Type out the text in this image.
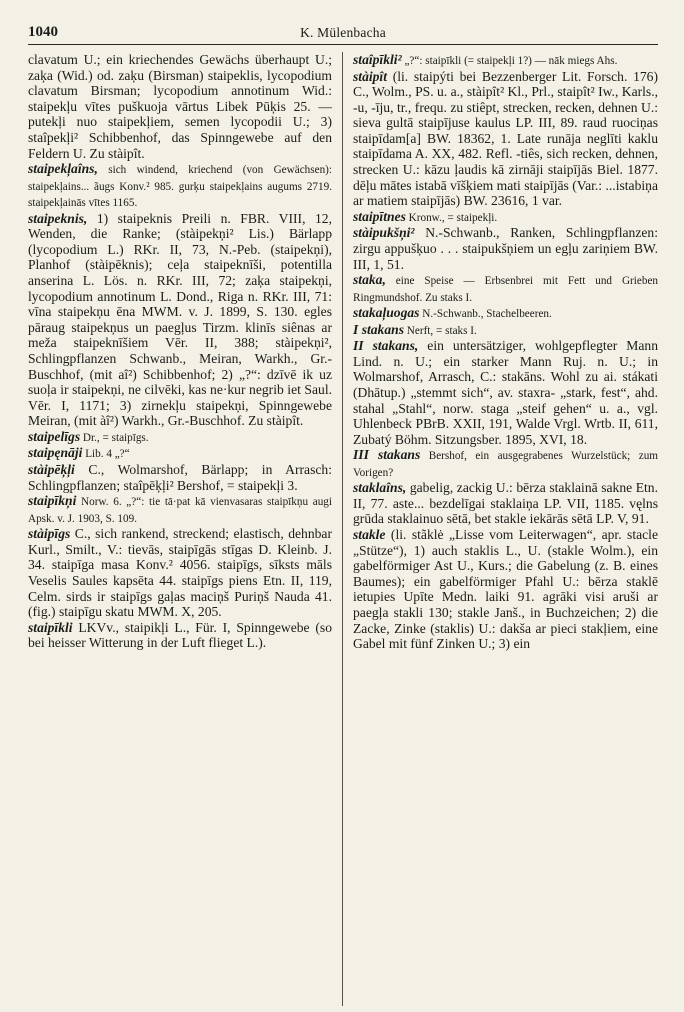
1040	K. Mülenbacha

clavatum U.; ein kriechendes Gewächs überhaupt U.; zaķa (Wid.) od. zaķu (Birsman) staipeklis, lycopodium clavatum Birsman; lycopodium annotinum Wid.: staipekļu vītes puškuoja vārtus Libek Pūķis 25. — putekļi nuo staipekļiem, semen lycopodii U.; 3) staîpekļi² Schibbenhof, das Spinngewebe auf den Feldern U. Zu stàipît.

staipekļaîns, sich windend, kriechend (von Gewächsen): staipekļains... ãugs Konv.² 985. gurķu staipekļains augums 2719. staipekļainās vītes 1165.

staipeknis, 1) staipeknis Preili n. FBR. VIII, 12, Wenden, die Ranke; (stàipekņi² Lis.) Bärlapp (lycopodium L.) RKr. II, 73, N.-Peb. (staipekņi), Planhof (stàipēknis); ceļa staipeknīši, potentilla anserina L. Lös. n. RKr. III, 72; zaķa staipekņi, lycopodium annotinum L. Dond., Riga n. RKr. III, 71: vīna staipekņu ēna MWM. v. J. 1899, S. 130. egles pāraug staipekņus un paegļus Tirzm. klinīs siênas ar meža staipeknīšiem Vēr. II, 388; stàipekņi², Schlingpflanzen Schwanb., Meiran, Warkh., Gr.-Buschhof, (mit aî²) Schibbenhof; 2) „?“: dzīvē ik uz suoļa ir staipekņi, ne cilvēki, kas ne·kur negrib iet Saul. Vēr. I, 1171; 3) zirnekļu staipekņi, Spinngewebe Meiran, (mit àî²) Warkh., Gr.-Buschhof. Zu stàipît.

staipelīgs Dr., = staipīgs.

staipęnāji Lib. 4 „?“

stàipēķļi C., Wolmarshof, Bärlapp; in Arrasch: Schlingpflanzen; staîpēķļi² Bershof, = staipekļi 3.

staipīkņi Norw. 6. „?“: tie tā·pat kā vienvasaras staipīkņu augi Apsk. v. J. 1903, S. 109.

stàipīgs C., sich rankend, streckend; elastisch, dehnbar Kurl., Smilt., V.: tievās, staipīgās stīgas D. Kleinb. J. 34. staipīga masa Konv.² 4056. staipīgs, sīksts māls Veselis Saules kapsēta 44. staipīgs piens Etn. II, 119, Celm. sirds ir staipīgs gaļas maciņš Puriņš Nauda 41. (fig.) staipīgu skatu MWM. X, 205.

staipīkli LKVv., staipikļi L., Für. I, Spinngewebe (so bei heisser Witterung in der Luft flieget L.).

staîpīkli² „?“: staipīkli (= staipekļi 1?) — nāk miegs Ahs.

stàipît (li. staipýti bei Bezzenberger Lit. Forsch. 176) C., Wolm., PS. u. a., stàipît² Kl., Prl., staipît² Iw., Karls., -u, -īju, tr., frequ. zu stiêpt, strecken, recken, dehnen U.: sieva gultā staipījuse kaulus LP. III, 89. raud ruociņas staipīdam[a] BW. 18362, 1. Late runāja neglīti kaklu staipīdama A. XX, 482. Refl. -tiês, sich recken, dehnen, strecken U.: kāzu ļaudis kā zirnāji staipījās Biel. 1877. dēļu mātes istabā vīšķiem mati staipījās (Var.: ...istabiņa ar matiem staipījās) BW. 23616, 1 var.

staipītnes Kronw., = staipekļi.

stàipukšņi² N.-Schwanb., Ranken, Schlingpflanzen: zirgu appušķuo . . . staipukšņiem un egļu zariņiem BW. III, 1, 51.

staka, eine Speise — Erbsenbrei mit Fett und Grieben Ringmundshof. Zu staks I.

stakaļuogas N.-Schwanb., Stachelbeeren.

I stakans Nerft, = staks I.

II stakans, ein untersätziger, wohlgepflegter Mann Lind. n. U.; ein starker Mann Ruj. n. U.; in Wolmarshof, Arrasch, C.: stakāns. Wohl zu ai. stákati (Dhātup.) „stemmt sich“, av. staxra- „stark, fest“, ahd. stahal „Stahl“, norw. staga „steif gehen“ u. a., vgl. Uhlenbeck PBrB. XXII, 191, Walde Vrgl. Wrtb. II, 611, Zubatý Böhm. Sitzungsber. 1895, XVI, 18.

III stakans Bershof, ein ausgegrabenes Wurzelstück; zum Vorigen?

staklaîns, gabelig, zackig U.: bērza staklainā sakne Etn. II, 77. aste... bezdelīgai staklaiņa LP. VII, 1185. vęlns grūda staklainuo sētā, bet stakle iekārās sētā LP. V, 91.

stakle (li. stãklė „Lisse vom Leiterwagen“, apr. stacle „Stütze“), 1) auch staklis L., U. (stakle Wolm.), ein gabelförmiger Ast U., Kurs.; die Gabelung (z. B. eines Baumes); ein gabelförmiger Pfahl U.: bērza staklē ietupies Upīte Medn. laiki 91. agrāki visi aruši ar paegļa stakli 130; stakle Janš., in Buchzeichen; 2) die Zacke, Zinke (staklis) U.: dakša ar pieci stakļiem, eine Gabel mit fünf Zinken U.; 3) ein
